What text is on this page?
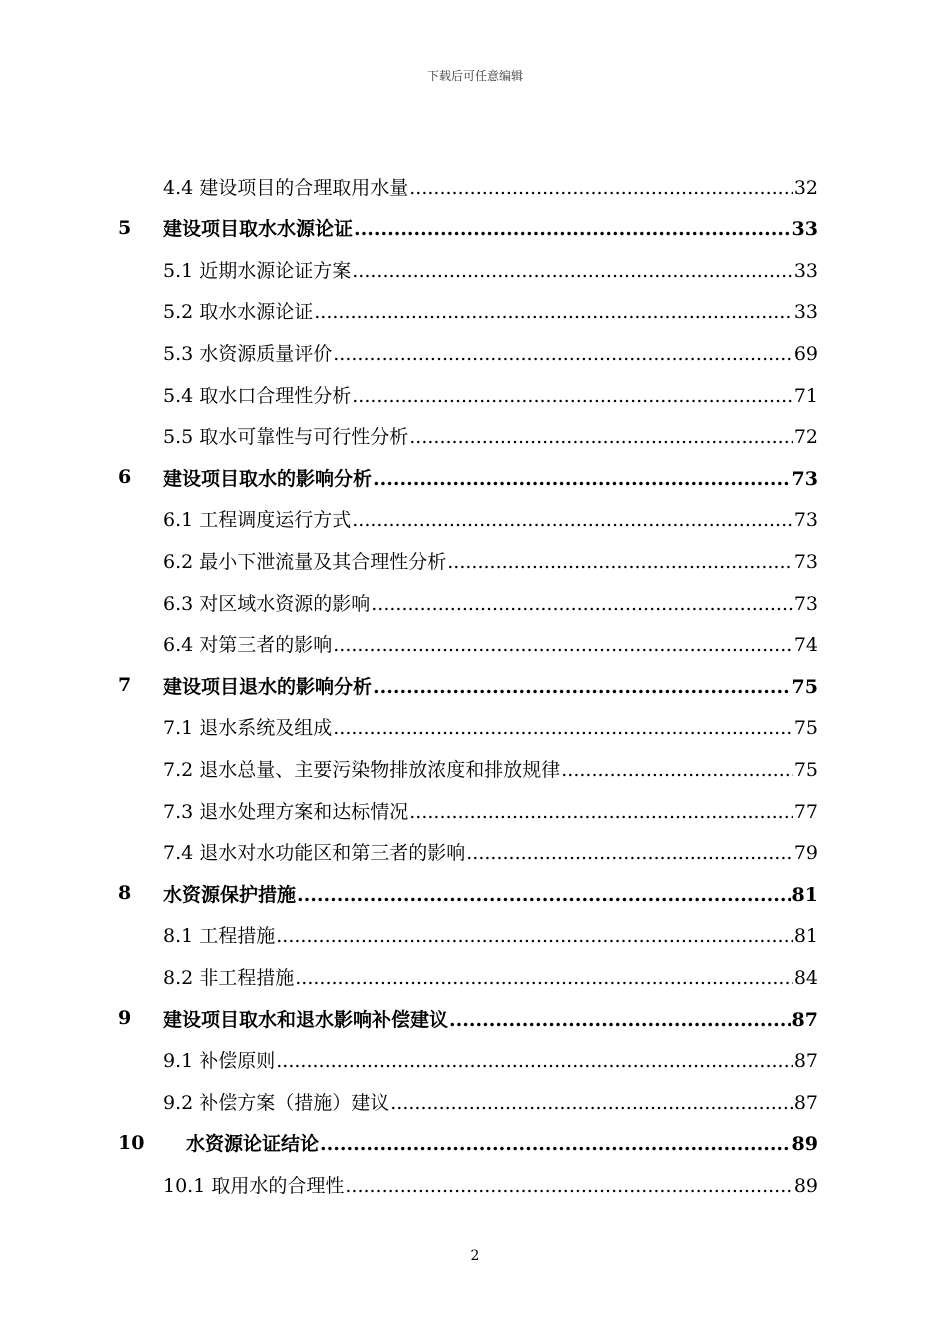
下载后可任意编辑
4.4 建设项目的合理取用水量 .....	32
5 建设项目取水水源论证 .....	33
5.1 近期水源论证方案 .....	33
5.2 取水水源论证 .....	33
5.3 水资源质量评价 .....	69
5.4 取水口合理性分析 .....	71
5.5 取水可靠性与可行性分析 .....	72
6 建设项目取水的影响分析 .....	73
6.1 工程调度运行方式 .....	73
6.2 最小下泄流量及其合理性分析 .....	73
6.3 对区域水资源的影响 .....	73
6.4 对第三者的影响 .....	74
7 建设项目退水的影响分析 .....	75
7.1 退水系统及组成 .....	75
7.2 退水总量、主要污染物排放浓度和排放规律 .....	75
7.3 退水处理方案和达标情况 .....	77
7.4 退水对水功能区和第三者的影响 .....	79
8 水资源保护措施 .....	81
8.1 工程措施 .....	81
8.2 非工程措施 .....	84
9 建设项目取水和退水影响补偿建议 .....	87
9.1 补偿原则 .....	87
9.2 补偿方案（措施）建议 .....	87
10 水资源论证结论 .....	89
10.1 取用水的合理性 .....	89
2
